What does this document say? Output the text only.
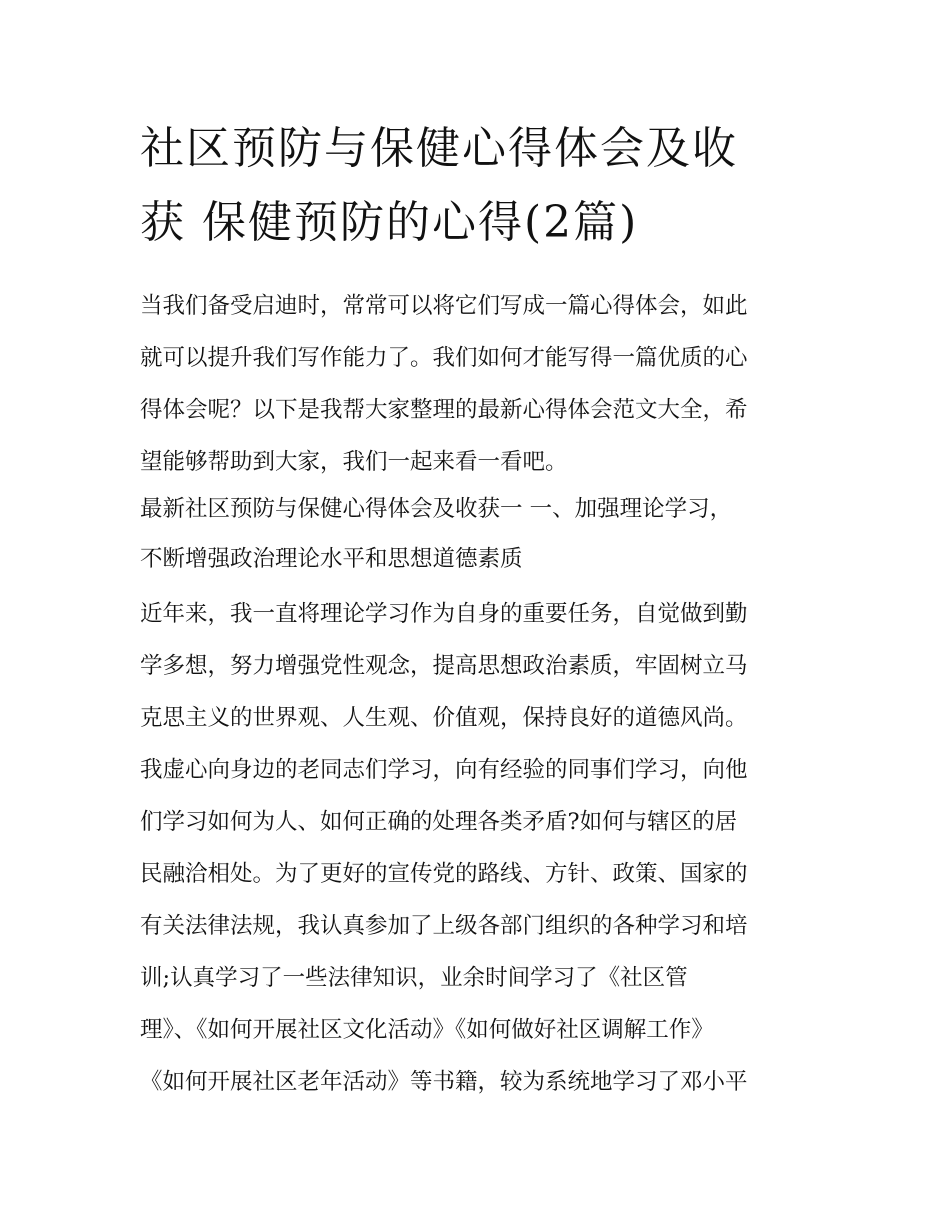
社区预防与保健心得体会及收
获 保健预防的心得(2篇)
当我们备受启迪时，常常可以将它们写成一篇心得体会，如此
就可以提升我们写作能力了。我们如何才能写得一篇优质的心
得体会呢？以下是我帮大家整理的最新心得体会范文大全，希
望能够帮助到大家，我们一起来看一看吧。
最新社区预防与保健心得体会及收获一 一、加强理论学习，
不断增强政治理论水平和思想道德素质
近年来，我一直将理论学习作为自身的重要任务，自觉做到勤
学多想，努力增强党性观念，提高思想政治素质，牢固树立马
克思主义的世界观、人生观、价值观，保持良好的道德风尚。
我虚心向身边的老同志们学习，向有经验的同事们学习，向他
们学习如何为人、如何正确的处理各类矛盾?如何与辖区的居
民融洽相处。为了更好的宣传党的路线、方针、政策、国家的
有关法律法规，我认真参加了上级各部门组织的各种学习和培
训;认真学习了一些法律知识，业余时间学习了《社区管
理》、《如何开展社区文化活动》《如何做好社区调解工作》
《如何开展社区老年活动》等书籍，较为系统地学习了邓小平
